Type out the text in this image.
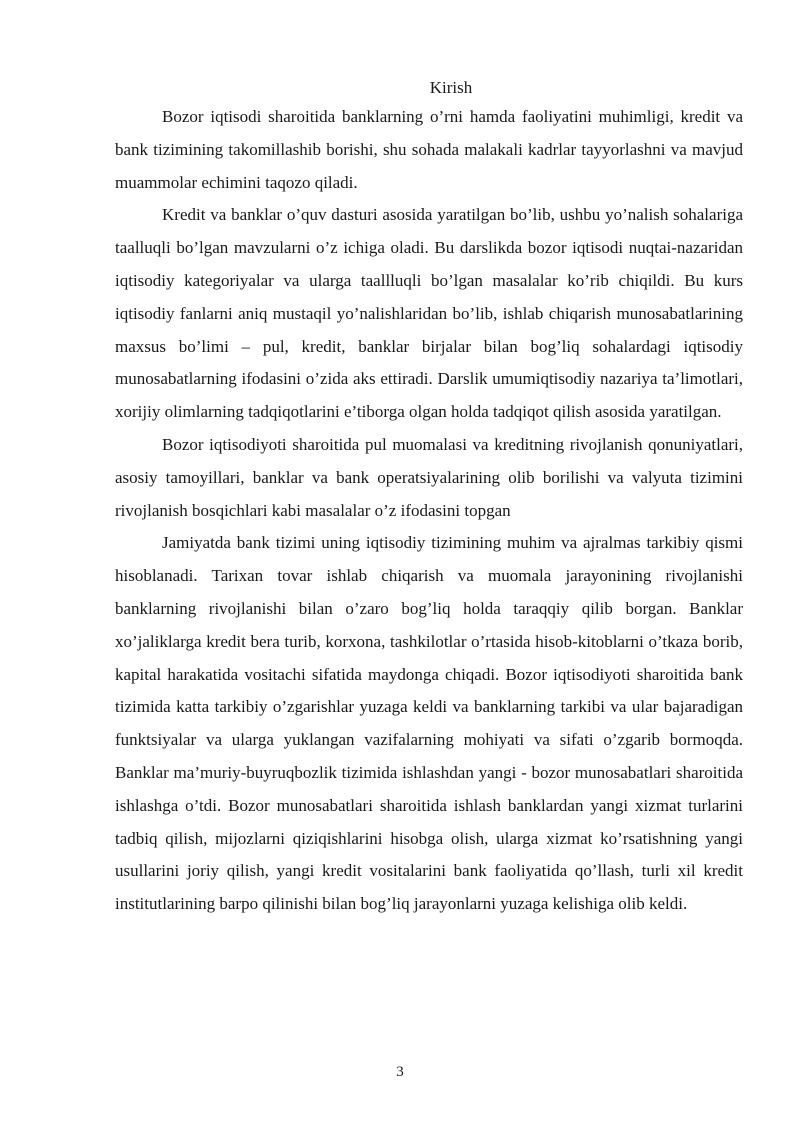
Kirish

Bozor iqtisodi sharoitida banklarning o’rni hamda faoliyatini muhimligi, kredit va bank tizimining takomillashib borishi, shu sohada malakali kadrlar tayyorlashni va mavjud muammolar echimini taqozo qiladi.

Kredit va banklar o’quv dasturi asosida yaratilgan bo’lib, ushbu yo’nalish sohalariga taalluqli bo’lgan mavzularni o’z ichiga oladi. Bu darslikda bozor iqtisodi nuqtai-nazaridan iqtisodiy kategoriyalar va ularga taallluqli bo’lgan masalalar ko’rib chiqildi. Bu kurs iqtisodiy fanlarni aniq mustaqil yo’nalishlaridan bo’lib, ishlab chiqarish munosabatlarining maxsus bo’limi – pul, kredit, banklar birjalar bilan bog’liq sohalardagi iqtisodiy munosabatlarning ifodasini o’zida aks ettiradi. Darslik umumiqtisodiy nazariya ta’limotlari, xorijiy olimlarning tadqiqotlarini e’tiborga olgan holda tadqiqot qilish asosida yaratilgan.

Bozor iqtisodiyoti sharoitida pul muomalasi va kreditning rivojlanish qonuniyatlari, asosiy tamoyillari, banklar va bank operatsiyalarining olib borilishi va valyuta tizimini rivojlanish bosqichlari kabi masalalar o’z ifodasini topgan

Jamiyatda bank tizimi uning iqtisodiy tizimining muhim va ajralmas tarkibiy qismi hisoblanadi. Tarixan tovar ishlab chiqarish va muomala jarayonining rivojlanishi banklarning rivojlanishi bilan o’zaro bog’liq holda taraqqiy qilib borgan. Banklar xo’jaliklarga kredit bera turib, korxona, tashkilotlar o’rtasida hisob-kitoblarni o’tkaza borib, kapital harakatida vositachi sifatida maydonga chiqadi. Bozor iqtisodiyoti sharoitida bank tizimida katta tarkibiy o’zgarishlar yuzaga keldi va banklarning tarkibi va ular bajaradigan funktsiyalar va ularga yuklangan vazifalarning mohiyati va sifati o’zgarib bormoqda. Banklar ma’muriy-buyruqbozlik tizimida ishlashdan yangi - bozor munosabatlari sharoitida ishlashga o’tdi. Bozor munosabatlari sharoitida ishlash banklardan yangi xizmat turlarini tadbiq qilish, mijozlarni qiziqishlarini hisobga olish, ularga xizmat ko’rsatishning yangi usullarini joriy qilish, yangi kredit vositalarini bank faoliyatida qo’llash, turli xil kredit institutlarining barpo qilinishi bilan bog’liq jarayonlarni yuzaga kelishiga olib keldi.

3
